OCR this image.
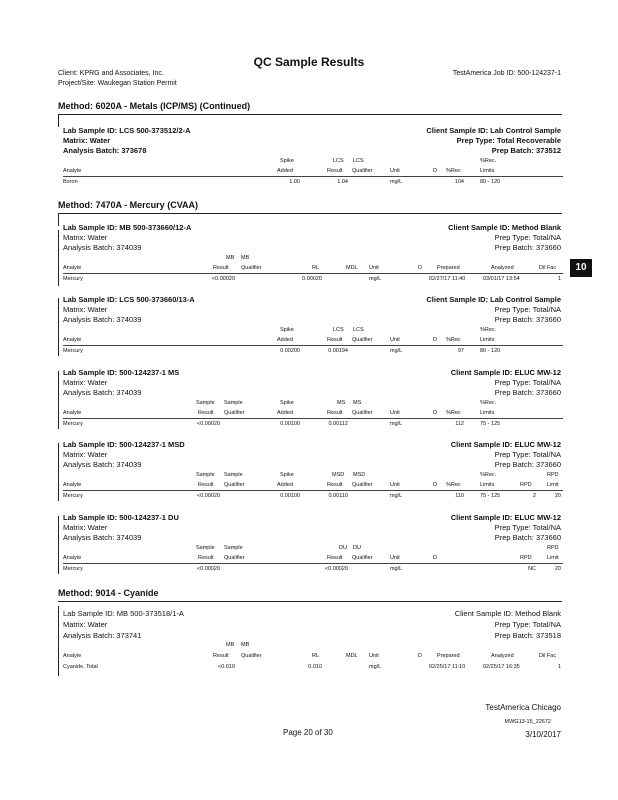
QC Sample Results
Client: KPRG and Associates, Inc.
Project/Site: Waukegan Station Permit
TestAmerica Job ID: 500-124237-1
10
Method: 6020A - Metals (ICP/MS) (Continued)
Lab Sample ID: LCS 500-373512/2-A	Client Sample ID: Lab Control Sample
Matrix: Water	Prep Type: Total Recoverable
Analysis Batch: 373678	Prep Batch: 373512
Spike	LCS LCS	%Rec.
Analyte	Added	Result Qualifier	Unit	D %Rec	Limits
Boron	1.00	1.04	mg/L	104	80 - 120
Method: 7470A - Mercury (CVAA)
Lab Sample ID: MB 500-373660/12-A	Client Sample ID: Method Blank
Matrix: Water	Prep Type: Total/NA
Analysis Batch: 374039	Prep Batch: 373660
MB MB
Analyte	Result Qualifier	RL	MDL Unit	D	Prepared	Analyzed	Dil Fac
Mercury	<0.00020	0.00020	mg/L	02/27/17 11:40	03/01/17 13:54	1
Lab Sample ID: LCS 500-373660/13-A	Client Sample ID: Lab Control Sample
Matrix: Water	Prep Type: Total/NA
Analysis Batch: 374039	Prep Batch: 373660
Spike	LCS LCS	%Rec.
Analyte	Added	Result Qualifier	Unit	D %Rec	Limits
Mercury	0.00200	0.00194	mg/L	97	80 - 120
Lab Sample ID: 500-124237-1 MS	Client Sample ID: ELUC MW-12
Matrix: Water	Prep Type: Total/NA
Analysis Batch: 374039	Prep Batch: 373660
Sample Sample	Spike	MS MS	%Rec.
Analyte	Result Qualifier	Added	Result Qualifier	Unit	D %Rec	Limits
Mercury	<0.00020	0.00100	0.00112	mg/L	112	75 - 125
Lab Sample ID: 500-124237-1 MSD	Client Sample ID: ELUC MW-12
Matrix: Water	Prep Type: Total/NA
Analysis Batch: 374039	Prep Batch: 373660
Sample Sample	Spike	MSD MSD	%Rec.	RPD
Analyte	Result Qualifier	Added	Result Qualifier	Unit	D %Rec	Limits	RPD	Limit
Mercury	<0.00020	0.00100	0.00110	mg/L	110	75 - 125	2	20
Lab Sample ID: 500-124237-1 DU	Client Sample ID: ELUC MW-12
Matrix: Water	Prep Type: Total/NA
Analysis Batch: 374039	Prep Batch: 373660
Sample Sample	DU DU	RPD
Analyte	Result Qualifier	Result Qualifier	Unit	D	RPD	Limit
Mercury	<0.00020	<0.00020	mg/L	NC	20
Method: 9014 - Cyanide
Lab Sample ID: MB 500-373518/1-A	Client Sample ID: Method Blank
Matrix: Water	Prep Type: Total/NA
Analysis Batch: 373741	Prep Batch: 373518
MB MB
Analyte	Result Qualifier	RL	MDL Unit	D	Prepared	Analyzed	Dil Fac
Cyanide, Total	<0.010	0.010	mg/L	02/25/17 11:10	02/25/17 16:35	1
TestAmerica Chicago
MWG13-15_22672
Page 20 of 30	3/10/2017
